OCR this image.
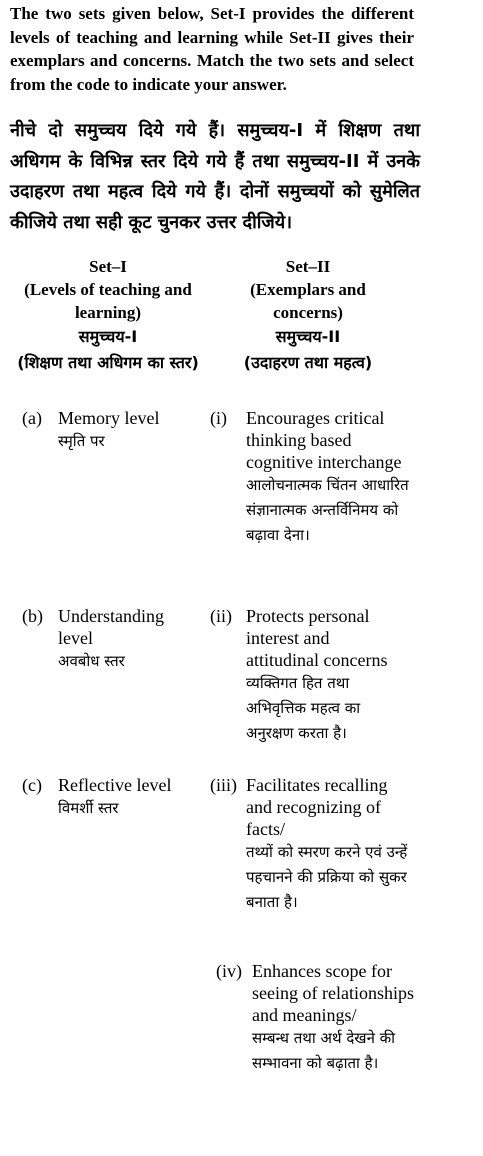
The two sets given below, Set-I provides the different levels of teaching and learning while Set-II gives their exemplars and concerns. Match the two sets and select from the code to indicate your answer.
नीचे दो समुच्चय दिये गये हैं। समुच्चय-I में शिक्षण तथा अधिगम के विभिन्न स्तर दिये गये हैं तथा समुच्चय-II में उनके उदाहरण तथा महत्व दिये गये हैं। दोनों समुच्चयों को सुमेलित कीजिये तथा सही कूट चुनकर उत्तर दीजिये।
Set–I
(Levels of teaching and learning)
समुच्चय-I
(शिक्षण तथा अधिगम का स्तर)
Set–II
(Exemplars and concerns)
समुच्चय-II
(उदाहरण तथा महत्व)
(a) Memory level
स्मृति पर
(b) Understanding level
अवबोध स्तर
(c) Reflective level
विमर्शी स्तर
(i) Encourages critical thinking based cognitive interchange
आलोचनात्मक चिंतन आधारित संज्ञानात्मक अन्तर्विनिमय को बढ़ावा देना।
(ii) Protects personal interest and attitudinal concerns
व्यक्तिगत हित तथा अभिवृत्तिक महत्व का अनुरक्षण करता है।
(iii) Facilitates recalling and recognizing of facts/
तथ्यों को स्मरण करने एवं उन्हें पहचानने की प्रक्रिया को सुकर बनाता है।
(iv) Enhances scope for seeing of relationships and meanings/
सम्बन्ध तथा अर्थ देखने की सम्भावना को बढ़ाता है।
